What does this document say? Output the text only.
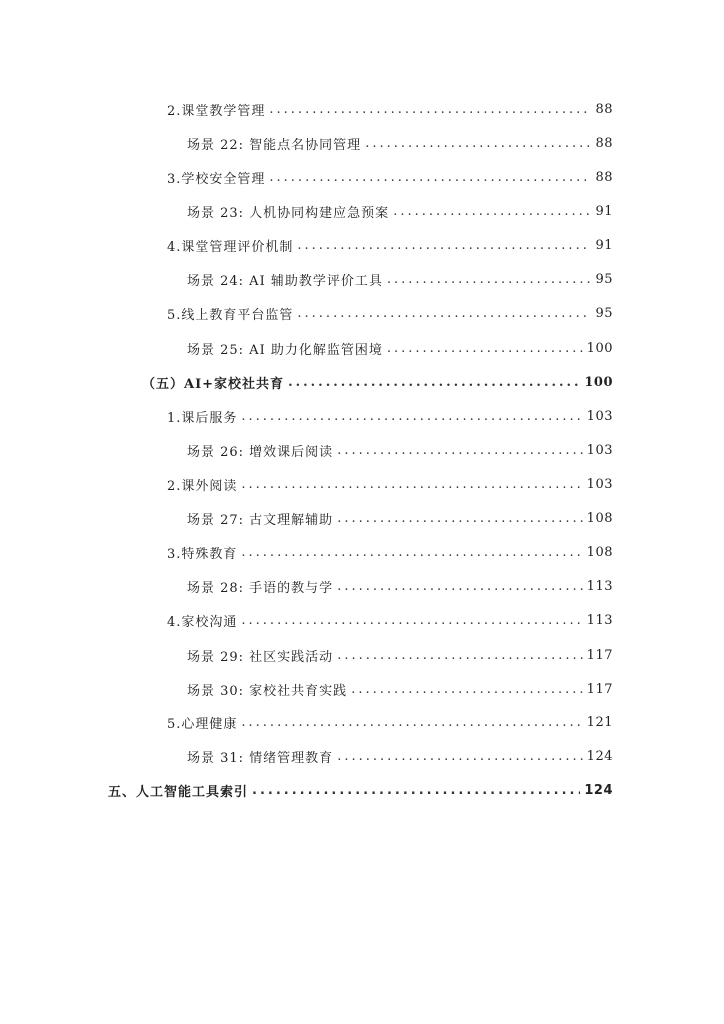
2.课堂教学管理 .....	88
场景 22: 智能点名协同管理 .....	88
3.学校安全管理 .....	88
场景 23: 人机协同构建应急预案 .....	91
4.课堂管理评价机制 .....	91
场景 24: AI 辅助教学评价工具 .....	95
5.线上教育平台监管 .....	95
场景 25: AI 助力化解监管困境 .....	100
（五）AI+家校社共育 .....	100
1.课后服务 .....	103
场景 26: 增效课后阅读 .....	103
2.课外阅读 .....	103
场景 27: 古文理解辅助 .....	108
3.特殊教育 .....	108
场景 28: 手语的教与学 .....	113
4.家校沟通 .....	113
场景 29: 社区实践活动 .....	117
场景 30: 家校社共育实践 .....	117
5.心理健康 .....	121
场景 31: 情绪管理教育 .....	124
五、人工智能工具索引 .....	124
